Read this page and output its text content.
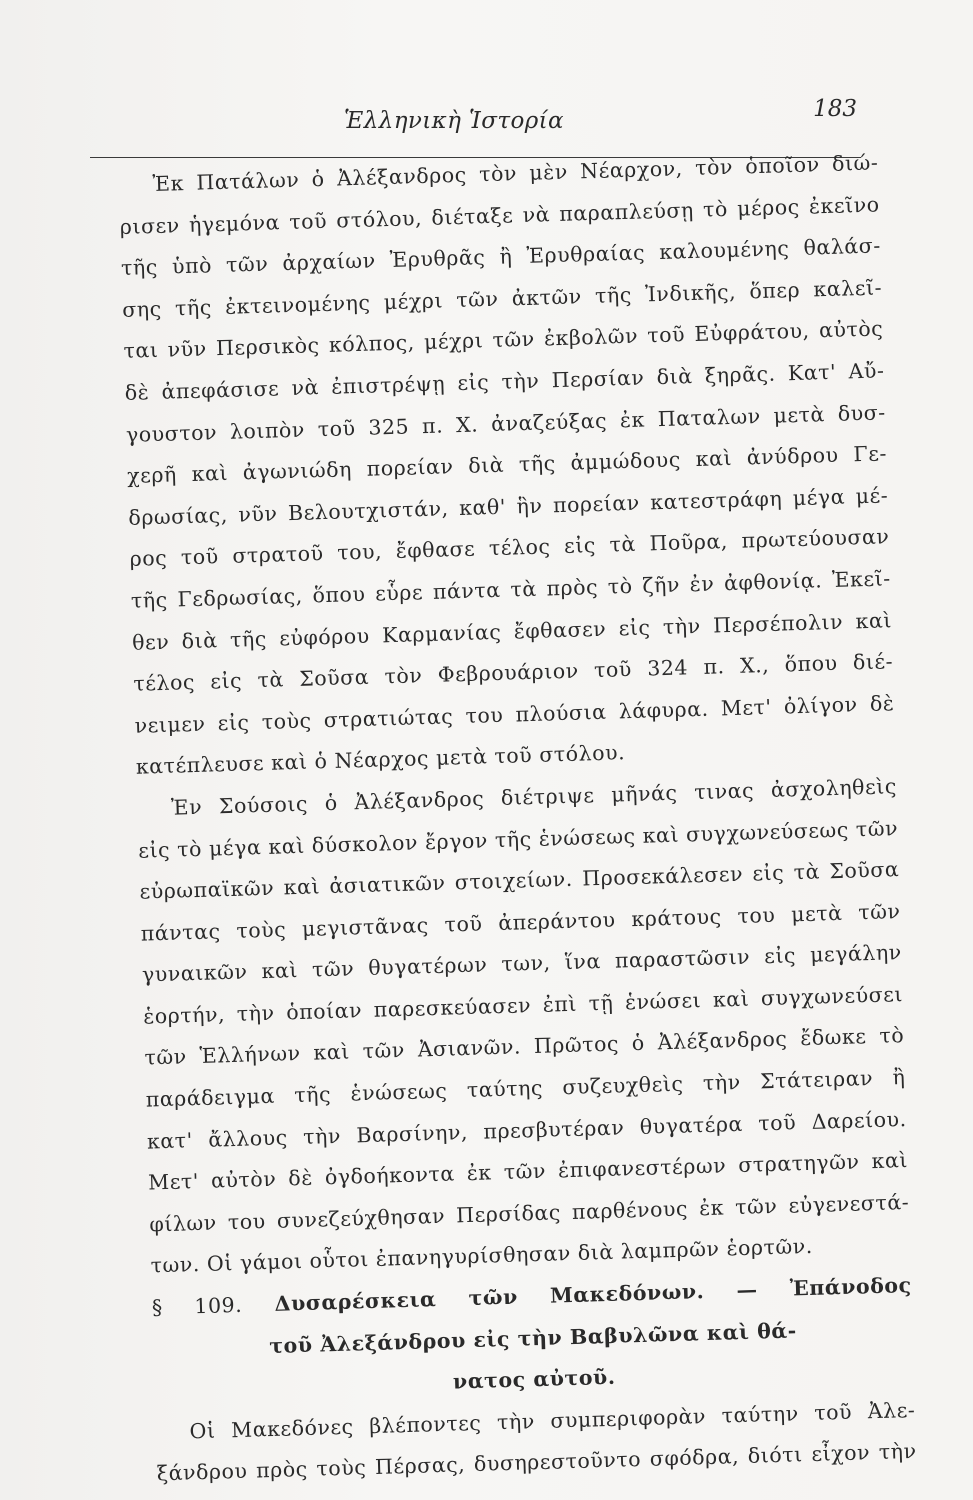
Ἑλληνικὴ Ἱστορία	183
Ἐκ Πατάλων ὁ Ἀλέξανδρος τὸν μὲν Νέαρχον, τὸν ὁποῖον διώ-
ρισεν ἡγεμόνα τοῦ στόλου, διέταξε νὰ παραπλεύσῃ τὸ μέρος ἐκεῖνο
τῆς ὑπὸ τῶν ἀρχαίων Ἐρυθρᾶς ἢ Ἐρυθραίας καλουμένης θαλάσ-
σης τῆς ἐκτεινομένης μέχρι τῶν ἀκτῶν τῆς Ἰνδικῆς, ὅπερ καλεῖ-
ται νῦν Περσικὸς κόλπος, μέχρι τῶν ἐκβολῶν τοῦ Εὐφράτου, αὐτὸς
δὲ ἀπεφάσισε νὰ ἐπιστρέψῃ εἰς τὴν Περσίαν διὰ ξηρᾶς. Κατ' Αὔ-
γουστον λοιπὸν τοῦ 325 π. Χ. ἀναζεύξας ἐκ Παταλων μετὰ δυσ-
χερῆ καὶ ἀγωνιώδη πορείαν διὰ τῆς ἀμμώδους καὶ ἀνύδρου Γε-
δρωσίας, νῦν Βελουτχιστάν, καθ' ἣν πορείαν κατεστράφη μέγα μέ-
ρος τοῦ στρατοῦ του, ἔφθασε τέλος εἰς τὰ Ποῦρα, πρωτεύουσαν
τῆς Γεδρωσίας, ὅπου εὗρε πάντα τὰ πρὸς τὸ ζῆν ἐν ἀφθονίᾳ. Ἐκεῖ-
θεν διὰ τῆς εὐφόρου Καρμανίας ἔφθασεν εἰς τὴν Περσέπολιν καὶ
τέλος εἰς τὰ Σοῦσα τὸν Φεβρουάριον τοῦ 324 π. Χ., ὅπου διέ-
νειμεν εἰς τοὺς στρατιώτας του πλούσια λάφυρα. Μετ' ὀλίγον δὲ
κατέπλευσε καὶ ὁ Νέαρχος μετὰ τοῦ στόλου.
Ἐν Σούσοις ὁ Ἀλέξανδρος διέτριψε μῆνάς τινας ἀσχοληθεὶς
εἰς τὸ μέγα καὶ δύσκολον ἔργον τῆς ἑνώσεως καὶ συγχωνεύσεως τῶν
εὐρωπαϊκῶν καὶ ἀσιατικῶν στοιχείων. Προσεκάλεσεν εἰς τὰ Σοῦσα
πάντας τοὺς μεγιστᾶνας τοῦ ἀπεράντου κράτους του μετὰ τῶν
γυναικῶν καὶ τῶν θυγατέρων των, ἵνα παραστῶσιν εἰς μεγάλην
ἑορτήν, τὴν ὁποίαν παρεσκεύασεν ἐπὶ τῇ ἑνώσει καὶ συγχωνεύσει
τῶν Ἑλλήνων καὶ τῶν Ἀσιανῶν. Πρῶτος ὁ Ἀλέξανδρος ἔδωκε τὸ
παράδειγμα τῆς ἑνώσεως ταύτης συζευχθεὶς τὴν Στάτειραν ἢ
κατ' ἄλλους τὴν Βαρσίνην, πρεσβυτέραν θυγατέρα τοῦ Δαρείου.
Μετ' αὐτὸν δὲ ὀγδοήκοντα ἐκ τῶν ἐπιφανεστέρων στρατηγῶν καὶ
φίλων του συνεζεύχθησαν Περσίδας παρθένους ἐκ τῶν εὐγενεστά-
των. Οἱ γάμοι οὗτοι ἐπανηγυρίσθησαν διὰ λαμπρῶν ἑορτῶν.
§ 109. Δυσαρέσκεια τῶν Μακεδόνων. — Ἐπάνοδος
τοῦ Ἀλεξάνδρου εἰς τὴν Βαβυλῶνα καὶ θά-
νατος αὐτοῦ.
Οἱ Μακεδόνες βλέποντες τὴν συμπεριφορὰν ταύτην τοῦ Ἀλε-
ξάνδρου πρὸς τοὺς Πέρσας, δυσηρεστοῦντο σφόδρα, διότι εἶχον τὴν
